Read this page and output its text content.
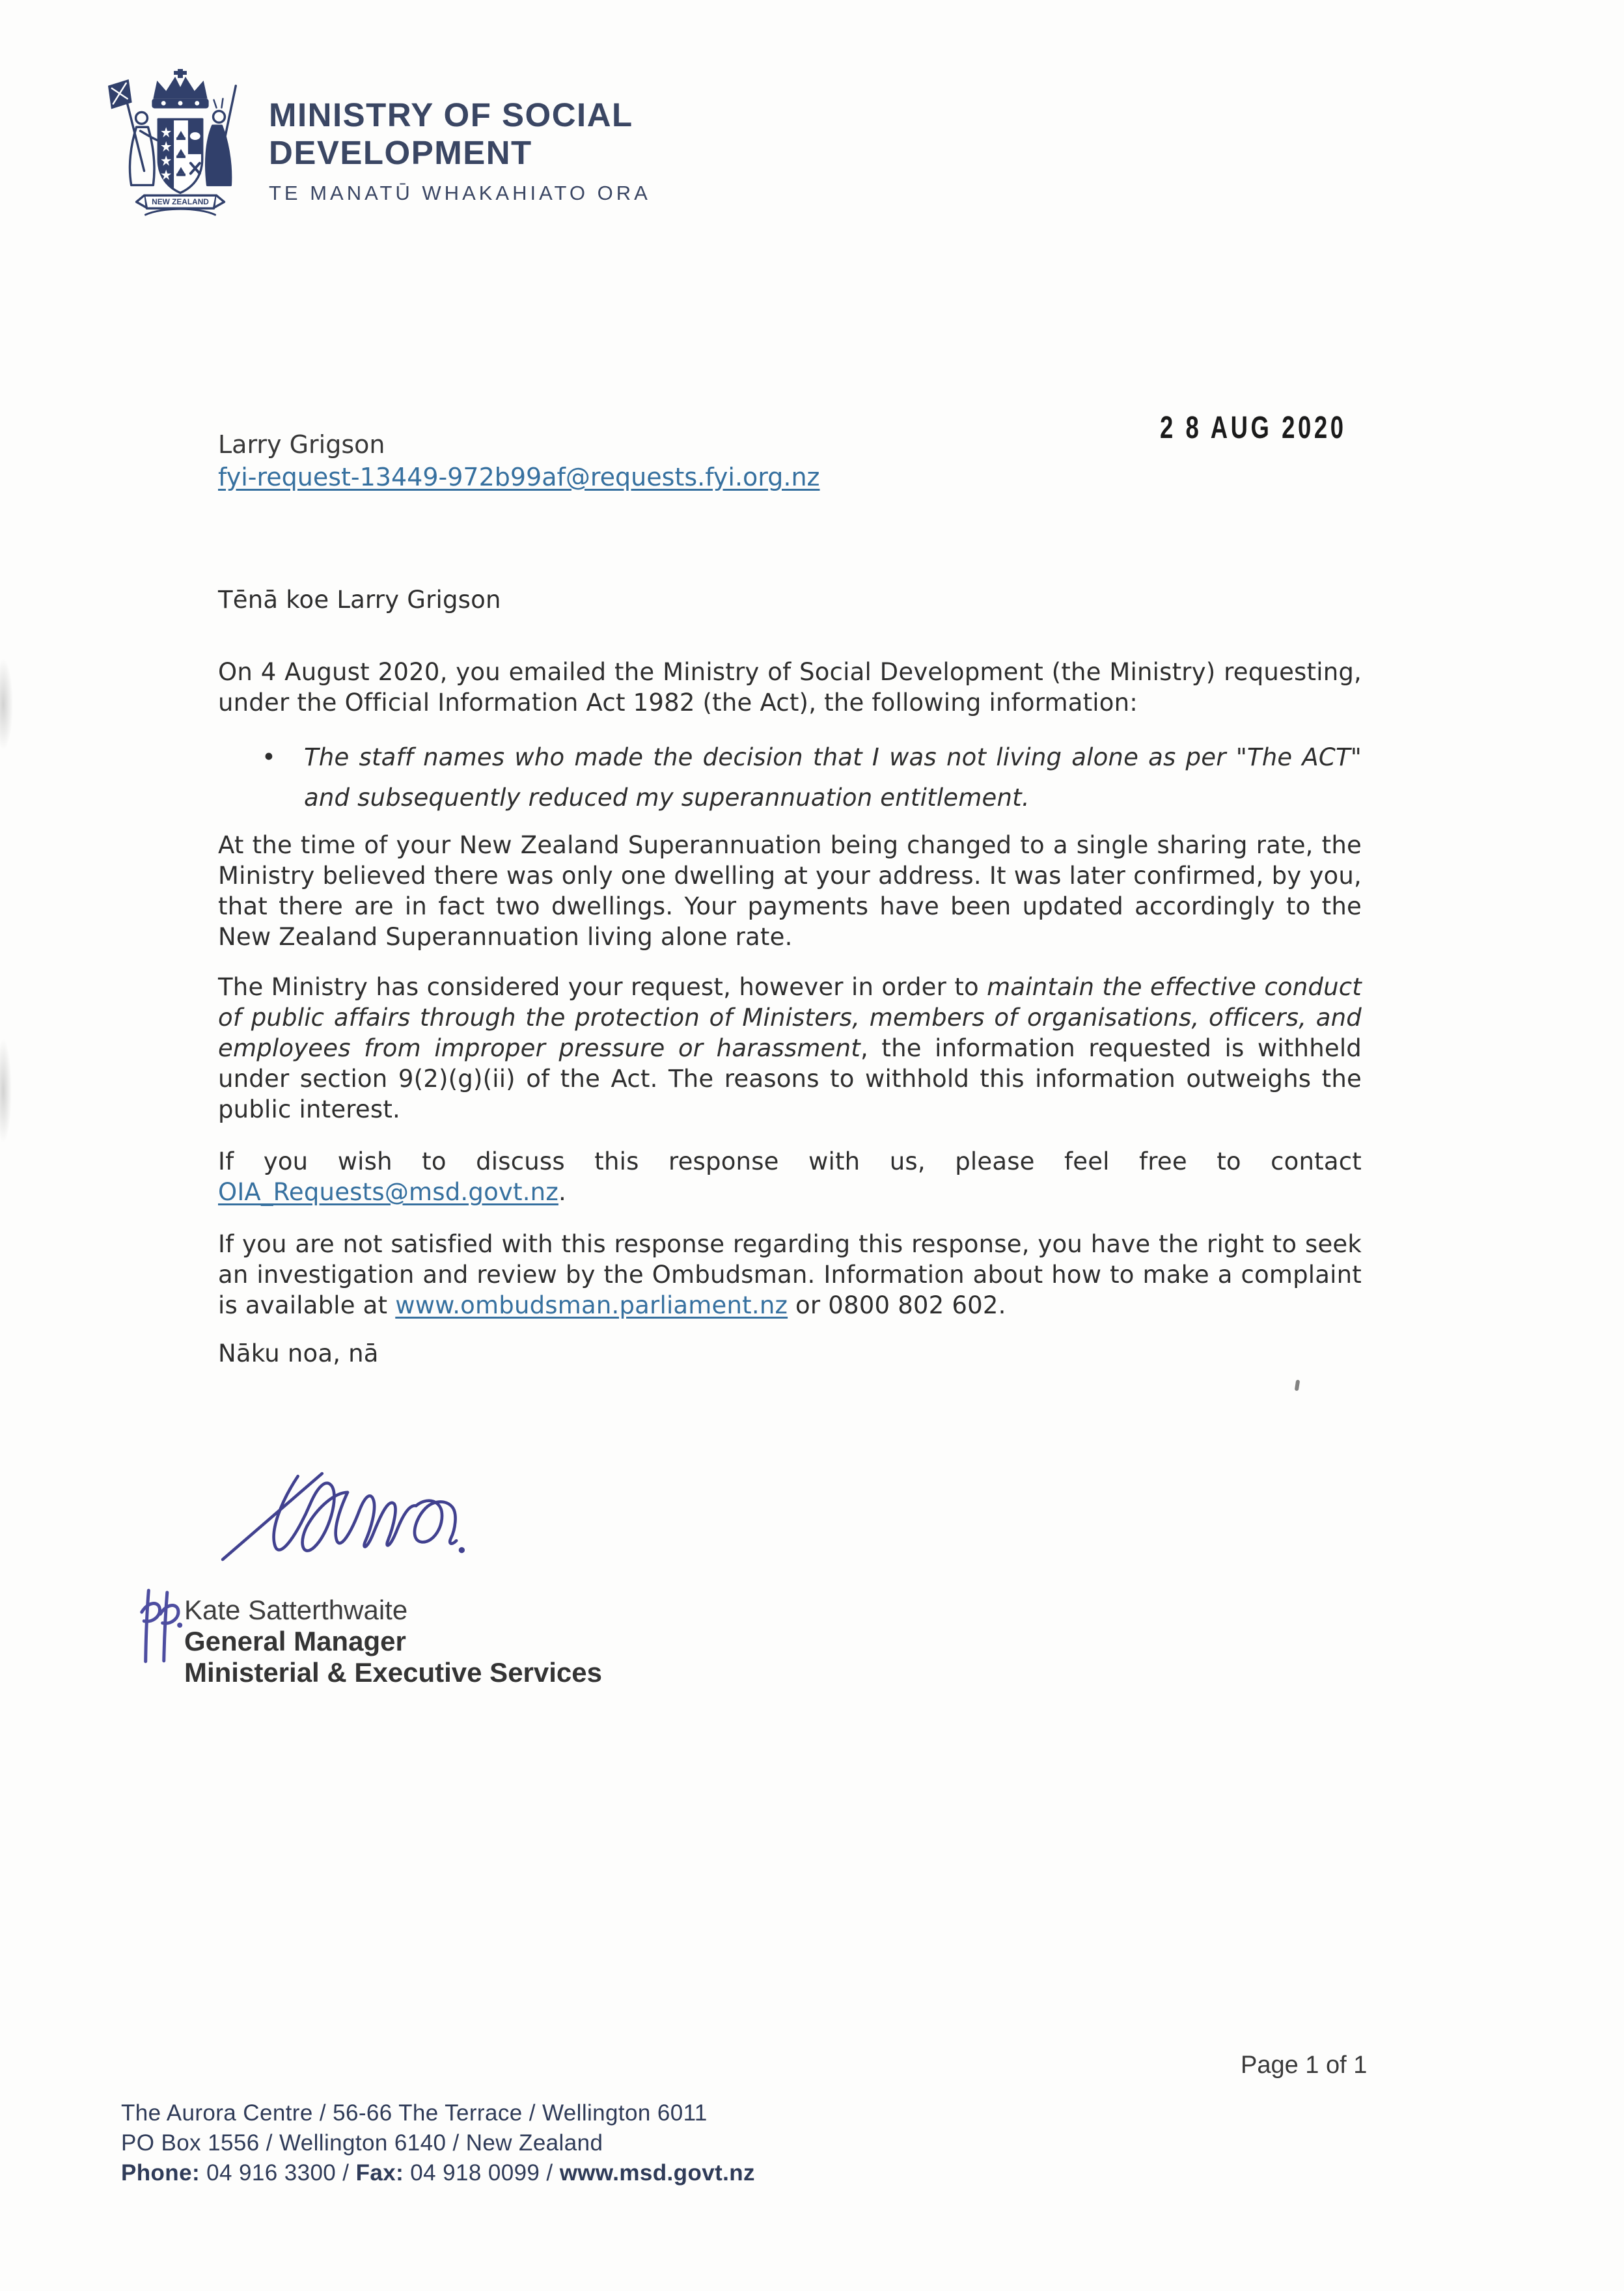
NEW ZEALAND
MINISTRY OF SOCIAL
DEVELOPMENT
TE MANATŪ WHAKAHIATO ORA
2 8 AUG 2020
Larry Grigson
fyi-request-13449-972b99af@requests.fyi.org.nz

Tēnā koe Larry Grigson

On 4 August 2020, you emailed the Ministry of Social Development (the Ministry) requesting, under the Official Information Act 1982 (the Act), the following information:

•	The staff names who made the decision that I was not living alone as per "The ACT" and subsequently reduced my superannuation entitlement.

At the time of your New Zealand Superannuation being changed to a single sharing rate, the Ministry believed there was only one dwelling at your address. It was later confirmed, by you, that there are in fact two dwellings. Your payments have been updated accordingly to the New Zealand Superannuation living alone rate.

The Ministry has considered your request, however in order to maintain the effective conduct of public affairs through the protection of Ministers, members of organisations, officers, and employees from improper pressure or harassment, the information requested is withheld under section 9(2)(g)(ii) of the Act. The reasons to withhold this information outweighs the public interest.

If you wish to discuss this response with us, please feel free to contact OIA_Requests@msd.govt.nz.

If you are not satisfied with this response regarding this response, you have the right to seek an investigation and review by the Ombudsman. Information about how to make a complaint is available at www.ombudsman.parliament.nz or 0800 802 602.

Nāku noa, nā

Kate Satterthwaite
General Manager
Ministerial & Executive Services
Page 1 of 1
The Aurora Centre / 56-66 The Terrace / Wellington 6011
PO Box 1556 / Wellington 6140 / New Zealand
Phone: 04 916 3300 / Fax: 04 918 0099 / www.msd.govt.nz
